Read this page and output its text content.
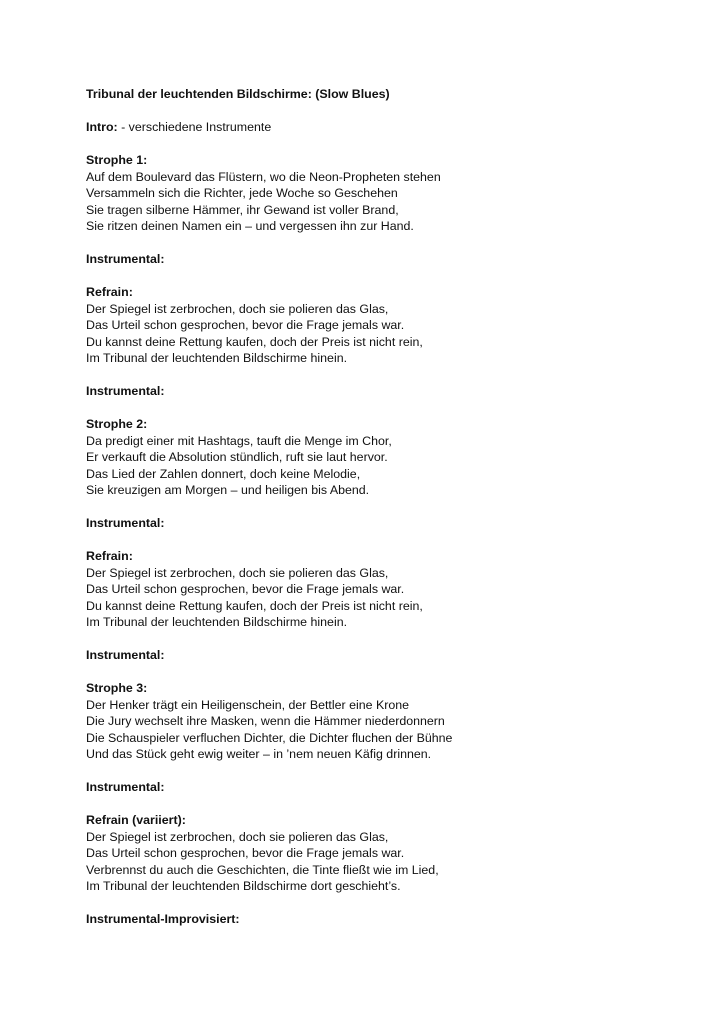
Tribunal der leuchtenden Bildschirme: (Slow Blues)
Intro: - verschiedene Instrumente
Strophe 1:
Auf dem Boulevard das Flüstern, wo die Neon-Propheten stehen
Versammeln sich die Richter, jede Woche so Geschehen
Sie tragen silberne Hämmer, ihr Gewand ist voller Brand,
Sie ritzen deinen Namen ein – und vergessen ihn zur Hand.
Instrumental:
Refrain:
Der Spiegel ist zerbrochen, doch sie polieren das Glas,
Das Urteil schon gesprochen, bevor die Frage jemals war.
Du kannst deine Rettung kaufen, doch der Preis ist nicht rein,
Im Tribunal der leuchtenden Bildschirme hinein.
Instrumental:
Strophe 2:
Da predigt einer mit Hashtags, tauft die Menge im Chor,
Er verkauft die Absolution stündlich, ruft sie laut hervor.
Das Lied der Zahlen donnert, doch keine Melodie,
Sie kreuzigen am Morgen – und heiligen bis Abend.
Instrumental:
Refrain:
Der Spiegel ist zerbrochen, doch sie polieren das Glas,
Das Urteil schon gesprochen, bevor die Frage jemals war.
Du kannst deine Rettung kaufen, doch der Preis ist nicht rein,
Im Tribunal der leuchtenden Bildschirme hinein.
Instrumental:
Strophe 3:
Der Henker trägt ein Heiligenschein, der Bettler eine Krone
Die Jury wechselt ihre Masken, wenn die Hämmer niederdonnern
Die Schauspieler verfluchen Dichter, die Dichter fluchen der Bühne
Und das Stück geht ewig weiter – in ’nem neuen Käfig drinnen.
Instrumental:
Refrain (variiert):
Der Spiegel ist zerbrochen, doch sie polieren das Glas,
Das Urteil schon gesprochen, bevor die Frage jemals war.
Verbrennst du auch die Geschichten, die Tinte fließt wie im Lied,
Im Tribunal der leuchtenden Bildschirme dort geschieht’s.
Instrumental-Improvisiert:
